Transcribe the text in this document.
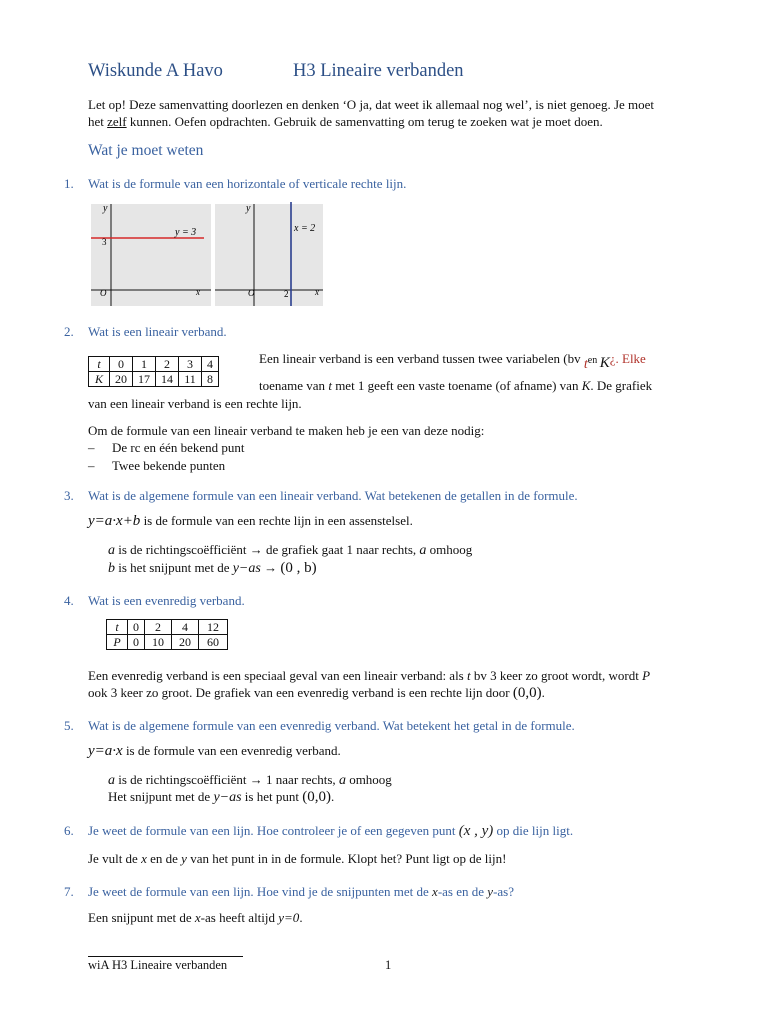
Wiskunde A Havo	H3 Lineaire verbanden
Let op! Deze samenvatting doorlezen en denken ‘O ja, dat weet ik allemaal nog wel’, is niet genoeg. Je moet
het zelf kunnen. Oefen opdrachten. Gebruik de samenvatting om terug te zoeken wat je moet doen.
Wat je moet weten
1. Wat is de formule van een horizontale of verticale rechte lijn.
y
x
O
3
y = 3
y
x
O	2
x = 2
2. Wat is een lineair verband.
t	0	1	2	3	4
K	20	17	14	11	8
Een lineair verband is een verband tussen twee variabelen (bv ten K¿. Elke
toename van t met 1 geeft een vaste toename (of afname) van K. De grafiek
van een lineair verband is een rechte lijn.
Om de formule van een lineair verband te maken heb je een van deze nodig:
– De rc en één bekend punt
– Twee bekende punten
3. Wat is de algemene formule van een lineair verband. Wat betekenen de getallen in de formule.
y=a·x+b is de formule van een rechte lijn in een assenstelsel.
a is de richtingscoëfficiënt → de grafiek gaat 1 naar rechts, a omhoog
b is het snijpunt met de y−as → (0 , b)
4. Wat is een evenredig verband.
t	0	2	4	12
P	0	10	20	60
Een evenredig verband is een speciaal geval van een lineair verband: als t bv 3 keer zo groot wordt, wordt P
ook 3 keer zo groot. De grafiek van een evenredig verband is een rechte lijn door (0,0).
5. Wat is de algemene formule van een evenredig verband. Wat betekent het getal in de formule.
y=a·x is de formule van een evenredig verband.
a is de richtingscoëfficiënt → 1 naar rechts, a omhoog
Het snijpunt met de y−as is het punt (0,0).
6. Je weet de formule van een lijn. Hoe controleer je of een gegeven punt (x , y) op die lijn ligt.
Je vult de x en de y van het punt in in de formule. Klopt het? Punt ligt op de lijn!
7. Je weet de formule van een lijn. Hoe vind je de snijpunten met de x-as en de y-as?
Een snijpunt met de x-as heeft altijd y=0.
wiA H3 Lineaire verbanden	1
